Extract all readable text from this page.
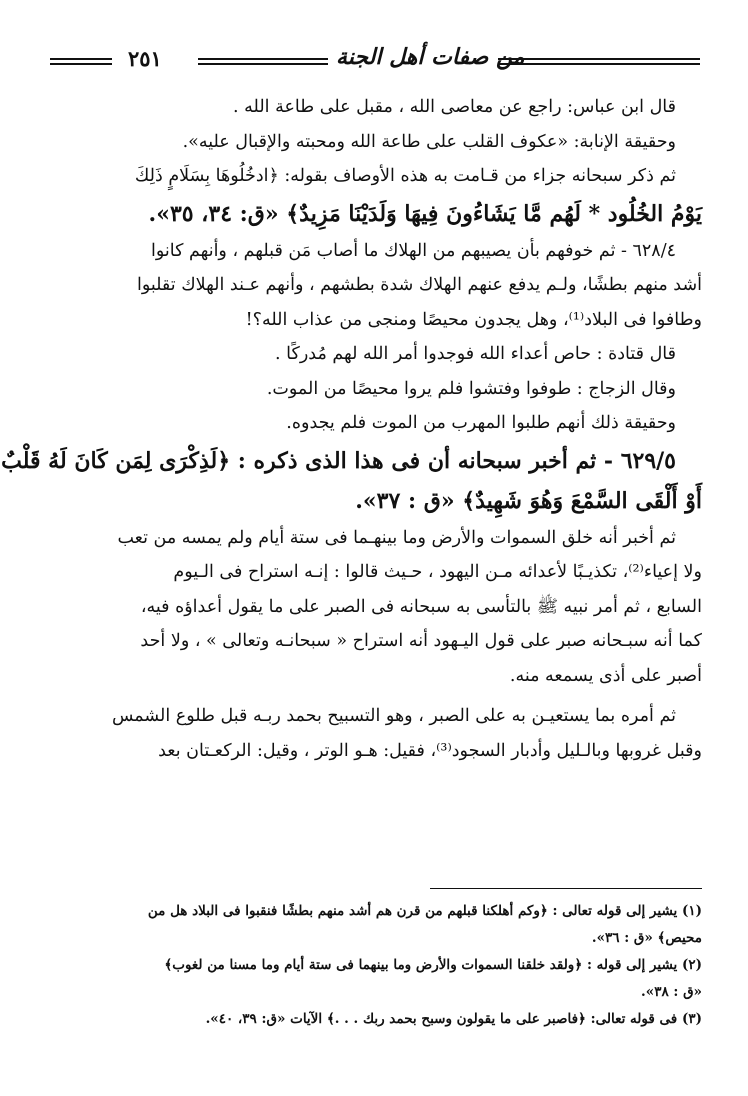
٢٥١	من صفات أهل الجنة

قال ابن عباس: راجع عن معاصى الله ، مقبل على طاعة الله .

وحقيقة الإنابة: «عكوف القلب على طاعة الله ومحبته والإقبال عليه».

ثم ذكر سبحانه جزاء من قـامت به هذه الأوصاف بقوله: ﴿ادخُلُوهَا بِسَلَامٍ ذَلِكَ

يَوْمُ الخُلُود * لَهُم مَّا يَشَاءُونَ فِيهَا وَلَدَيْنَا مَزِيدٌ﴾ «ق: ٣٤، ٣٥».

٦٢٨/٤ - ثم خوفهم بأن يصيبهم من الهلاك ما أصاب مَن قبلهم ، وأنهم كانوا

أشد منهم بطشًا، ولـم يدفع عنهم الهلاك شدة بطشهم ، وأنهم عـند الهلاك تقلبوا

وطافوا فى البلاد⁽¹⁾، وهل يجدون محيصًا ومنجى من عذاب الله؟!

قال قتادة : حاص أعداء الله فوجدوا أمر الله لهم مُدركًا .

وقال الزجاج : طوفوا وفتشوا فلم يروا محيصًا من الموت.

وحقيقة ذلك أنهم طلبوا المهرب من الموت فلم يجدوه.

٦٢٩/٥ - ثم أخبر سبحانه أن فى هذا الذى ذكره : ﴿لَذِكْرَى لِمَن كَانَ لَهُ قَلْبٌ

أَوْ أَلْقَى السَّمْعَ وَهُوَ شَهِيدٌ﴾ «ق : ٣٧».

ثم أخبر أنه خلق السموات والأرض وما بينهـما فى ستة أيام ولم يمسه من تعب

ولا إعياء⁽²⁾، تكذيـبًا لأعدائه مـن اليهود ، حـيث قالوا : إنـه استراح فى الـيوم

السابع ، ثم أمر نبيه ﷺ بالتأسى به سبحانه فى الصبر على ما يقول أعداؤه فيه،

كما أنه سبـحانه صبر على قول اليـهود أنه استراح « سبحانـه وتعالى » ، ولا أحد

أصبر على أذى يسمعه منه.

ثم أمره بما يستعيـن به على الصبر ، وهو التسبيح بحمد ربـه قبل طلوع الشمس

وقبل غروبها وبالـليل وأدبار السجود⁽³⁾، فقيل: هـو الوتر ، وقيل: الركعـتان بعد

(١) يشير إلى قوله تعالى : ﴿وكم أهلكنا قبلهم من قرن هم أشد منهم بطشًا فنقبوا فى البلاد هل من

محيص﴾ «ق : ٣٦».

(٢) يشير إلى قوله : ﴿ولقد خلقنا السموات والأرض وما بينهما فى ستة أيام وما مسنا من لغوب﴾

«ق : ٣٨».

(٣) فى قوله تعالى: ﴿فاصبر على ما يقولون وسبح بحمد ربك . . .﴾ الآيات «ق: ٣٩، ٤٠».
